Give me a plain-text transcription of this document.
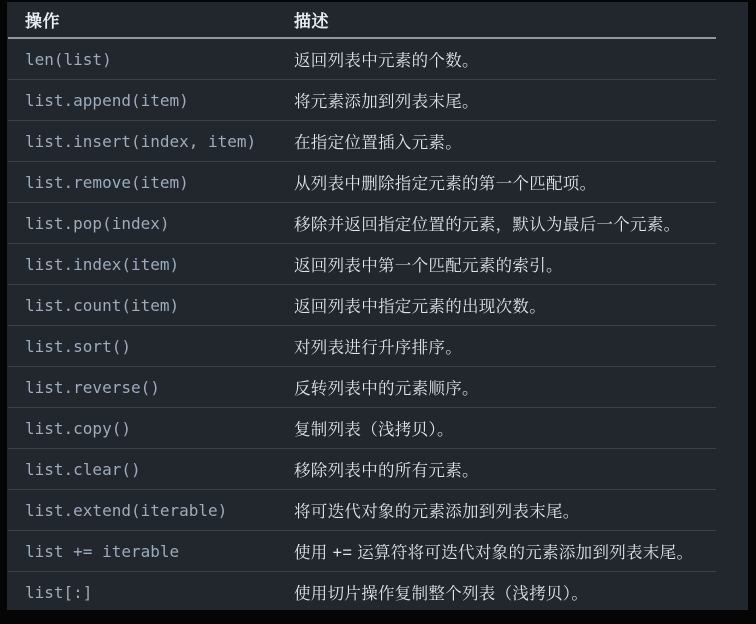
操作	描述
len(list)	返回列表中元素的个数。
list.append(item)	将元素添加到列表末尾。
list.insert(index, item)	在指定位置插入元素。
list.remove(item)	从列表中删除指定元素的第一个匹配项。
list.pop(index)	移除并返回指定位置的元素，默认为最后一个元素。
list.index(item)	返回列表中第一个匹配元素的索引。
list.count(item)	返回列表中指定元素的出现次数。
list.sort()	对列表进行升序排序。
list.reverse()	反转列表中的元素顺序。
list.copy()	复制列表（浅拷贝）。
list.clear()	移除列表中的所有元素。
list.extend(iterable)	将可迭代对象的元素添加到列表末尾。
list += iterable	使用 += 运算符将可迭代对象的元素添加到列表末尾。
list[:]	使用切片操作复制整个列表（浅拷贝）。
